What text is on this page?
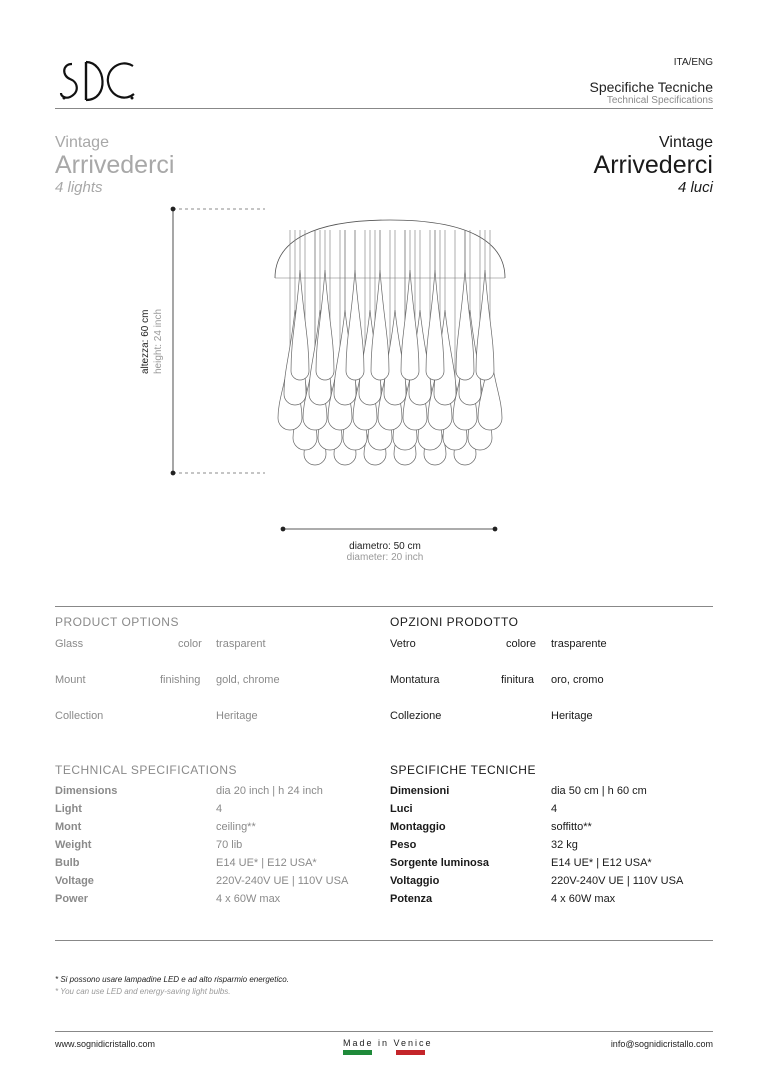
ITA/ENG
Specifiche Tecniche
Technical Specifications
Vintage
Arrivederci
4 lights
Vintage
Arrivederci
4 luci
altezza: 60 cm height: 24 inch
diametro: 50 cm
diameter: 20 inch
PRODUCT OPTIONS	OPZIONI PRODOTTO
Glass	color trasparent
Mount	finishing gold, chrome
Collection	Heritage
Vetro	colore trasparente
Montatura	finitura oro, cromo
Collezione	Heritage
TECHNICAL SPECIFICATIONS	SPECIFICHE TECNICHE
Dimensions	dia 20 inch | h 24 inch
Light	4
Mont	ceiling**
Weight	70 lib
Bulb	E14 UE* | E12 USA*
Voltage	220V-240V UE | 110V USA
Power	4 x 60W max
Dimensioni	dia 50 cm | h 60 cm
Luci	4
Montaggio	soffitto**
Peso	32 kg
Sorgente luminosa	E14 UE* | E12 USA*
Voltaggio	220V-240V UE | 110V USA
Potenza	4 x 60W max
* Si possono usare lampadine LED e ad alto risparmio energetico.
* You can use LED and energy-saving light bulbs.
www.sognidicristallo.com	Made in Venice	info@sognidicristallo.com
